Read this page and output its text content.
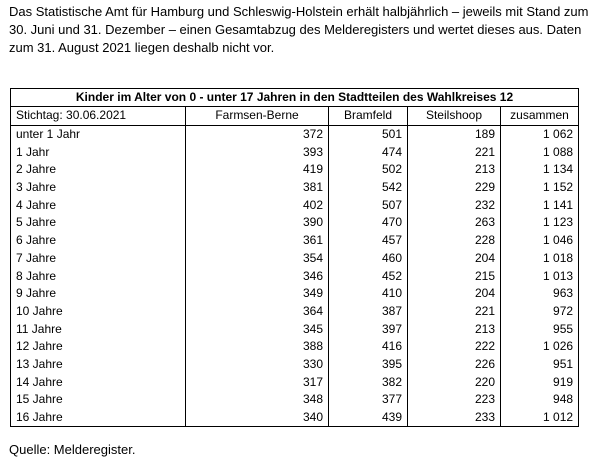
Das Statistische Amt für Hamburg und Schleswig-Holstein erhält halbjährlich – jeweils mit Stand zum 30. Juni und 31. Dezember – einen Gesamtabzug des Melderegisters und wertet dieses aus. Daten zum 31. August 2021 liegen deshalb nicht vor.

Kinder im Alter von 0 - unter 17 Jahren in den Stadtteilen des Wahlkreises 12				
Stichtag: 30.06.2021	Farmsen-Berne	Bramfeld	Steilshoop	zusammen
unter 1 Jahr	372	501	189	1 062
1 Jahr	393	474	221	1 088
2 Jahre	419	502	213	1 134
3 Jahre	381	542	229	1 152
4 Jahre	402	507	232	1 141
5 Jahre	390	470	263	1 123
6 Jahre	361	457	228	1 046
7 Jahre	354	460	204	1 018
8 Jahre	346	452	215	1 013
9 Jahre	349	410	204	963
10 Jahre	364	387	221	972
11 Jahre	345	397	213	955
12 Jahre	388	416	222	1 026
13 Jahre	330	395	226	951
14 Jahre	317	382	220	919
15 Jahre	348	377	223	948
16 Jahre	340	439	233	1 012

Quelle: Melderegister.
